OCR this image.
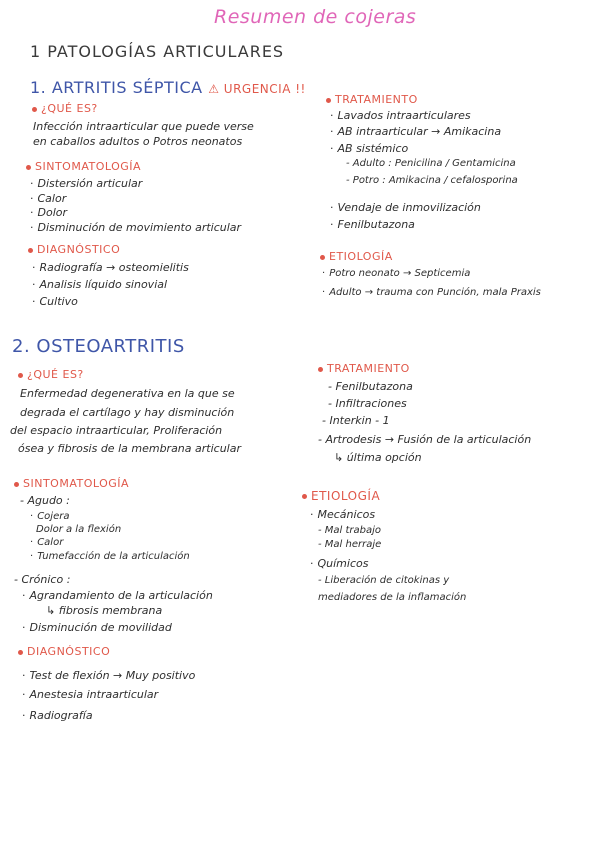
Resumen de cojeras
1 PATOLOGÍAS ARTICULARES
1. ARTRITIS SÉPTICA ⚠ URGENCIA !!
¿QUÉ ES?
Infección intraarticular que puede verse
en caballos adultos o Potros neonatos
SINTOMATOLOGÍA
· Distersión articular
· Calor
· Dolor
· Disminución de movimiento articular
DIAGNÓSTICO
· Radiografía → osteomielitis
· Analisis líquido sinovial
· Cultivo
TRATAMIENTO
· Lavados intraarticulares
· AB intraarticular → Amikacina
· AB sistémico
- Adulto : Penicilina / Gentamicina
- Potro : Amikacina / cefalosporina
· Vendaje de inmovilización
· Fenilbutazona
ETIOLOGÍA
· Potro neonato → Septicemia
· Adulto → trauma con Punción, mala Praxis
2. OSTEOARTRITIS
¿QUÉ ES?
Enfermedad degenerativa en la que se
degrada el cartílago y hay disminución
del espacio intraarticular, Proliferación
ósea y fibrosis de la membrana articular
SINTOMATOLOGÍA
- Agudo :
· Cojera
Dolor a la flexión
· Calor
· Tumefacción de la articulación
- Crónico :
· Agrandamiento de la articulación
↳ fibrosis membrana
· Disminución de movilidad
DIAGNÓSTICO
· Test de flexión → Muy positivo
· Anestesia intraarticular
· Radiografía
TRATAMIENTO
- Fenilbutazona
- Infiltraciones
- Interkin - 1
- Artrodesis → Fusión de la articulación
↳ última opción
ETIOLOGÍA
· Mecánicos
- Mal trabajo
- Mal herraje
· Químicos
- Liberación de citokinas y
mediadores de la inflamación
